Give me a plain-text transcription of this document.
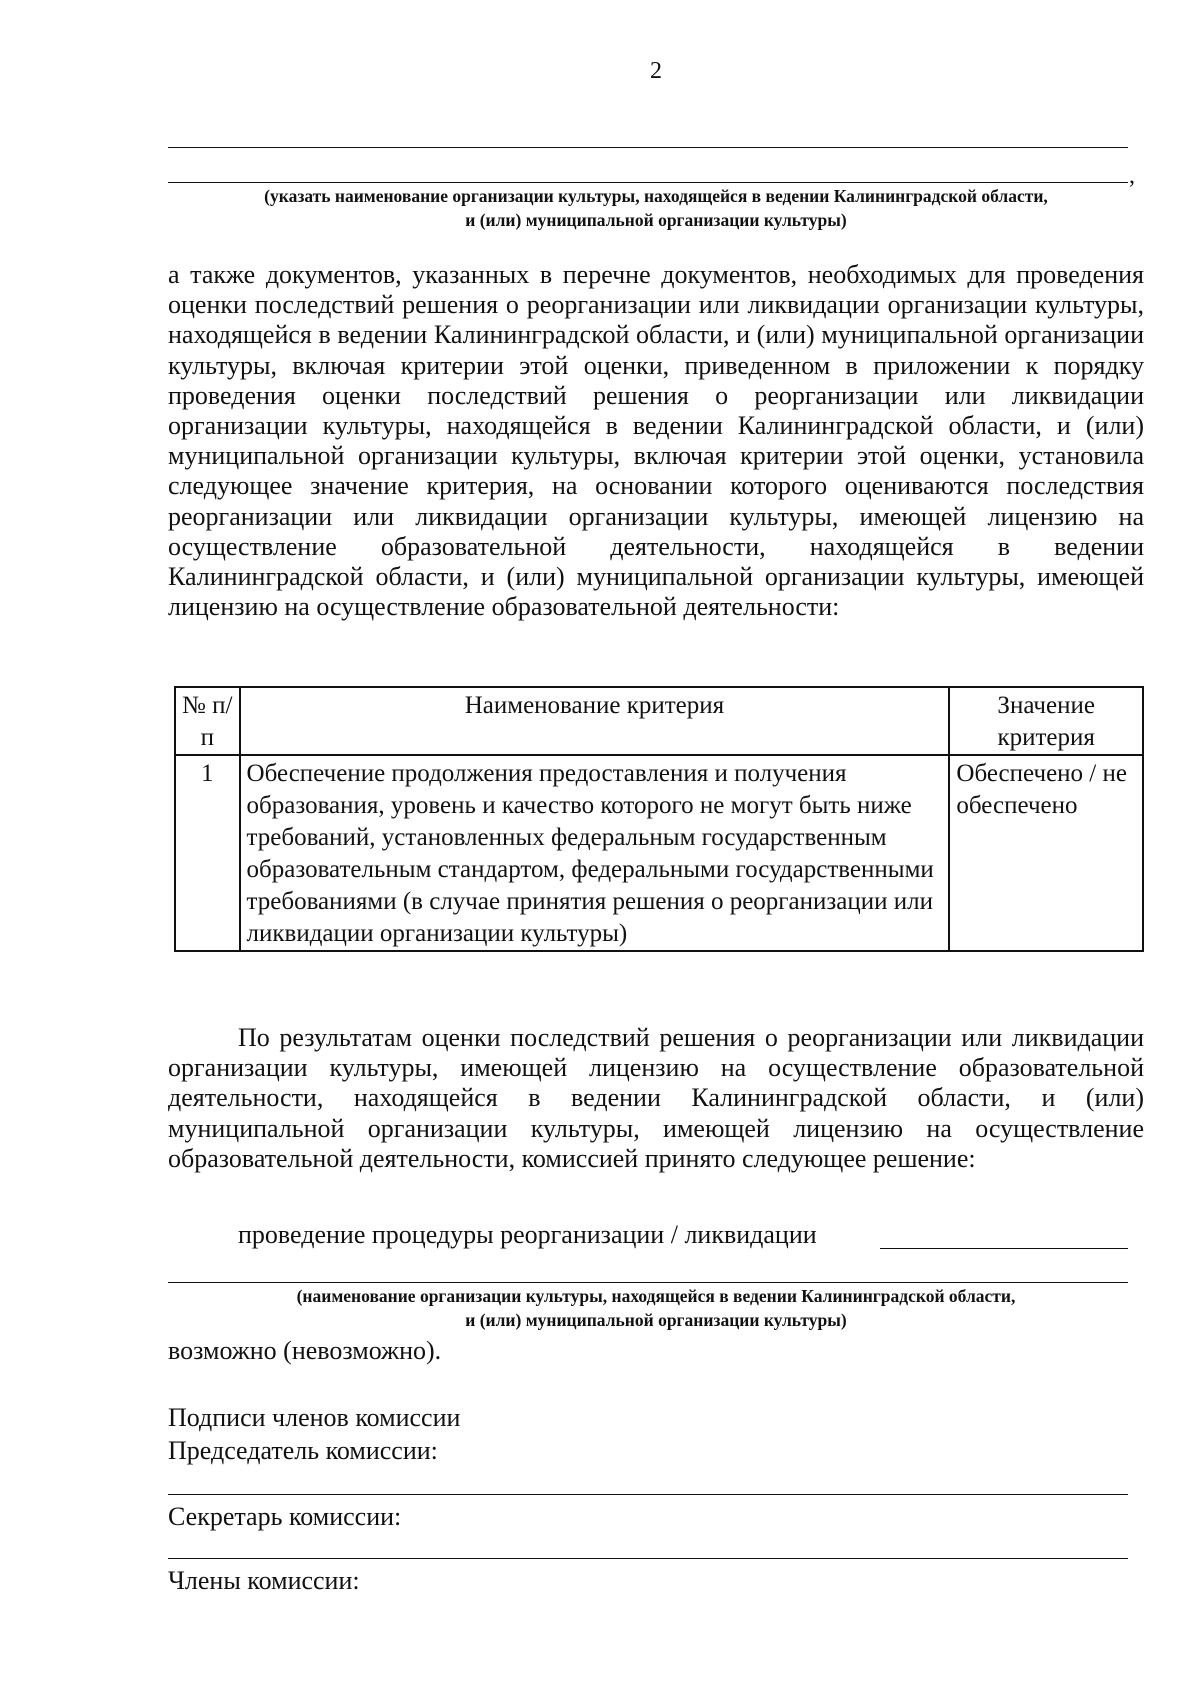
2
,
(указать наименование организации культуры, находящейся в ведении Калининградской области,
и (или) муниципальной организации культуры)
а также документов, указанных в перечне документов, необходимых для проведения оценки последствий решения о реорганизации или ликвидации организации культуры, находящейся в ведении Калининградской области, и (или) муниципальной организации культуры, включая критерии этой оценки, приведенном в приложении к порядку проведения оценки последствий решения о реорганизации или ликвидации организации культуры, находящейся в ведении Калининградской области, и (или) муниципальной организации культуры, включая критерии этой оценки, установила следующее значение критерия, на основании которого оцениваются последствия реорганизации или ликвидации организации культуры, имеющей лицензию на осуществление образовательной деятельности, находящейся в ведении Калининградской области, и (или) муниципальной организации культуры, имеющей лицензию на осуществление образовательной деятельности:
№ п/п	Наименование критерия	Значение критерия
1	Обеспечение продолжения предоставления и получения образования, уровень и качество которого не могут быть ниже требований, установленных федеральным государственным образовательным стандартом, федеральными государственными требованиями (в случае принятия решения о реорганизации или ликвидации организации культуры)	Обеспечено / не обеспечено
По результатам оценки последствий решения о реорганизации или ликвидации организации культуры, имеющей лицензию на осуществление образовательной деятельности, находящейся в ведении Калининградской области, и (или) муниципальной организации культуры, имеющей лицензию на осуществление образовательной деятельности, комиссией принято следующее решение:
проведение процедуры реорганизации / ликвидации
(наименование организации культуры, находящейся в ведении Калининградской области,
и (или) муниципальной организации культуры)
возможно (невозможно).
Подписи членов комиссии
Председатель комиссии:
Секретарь комиссии:
Члены комиссии:
